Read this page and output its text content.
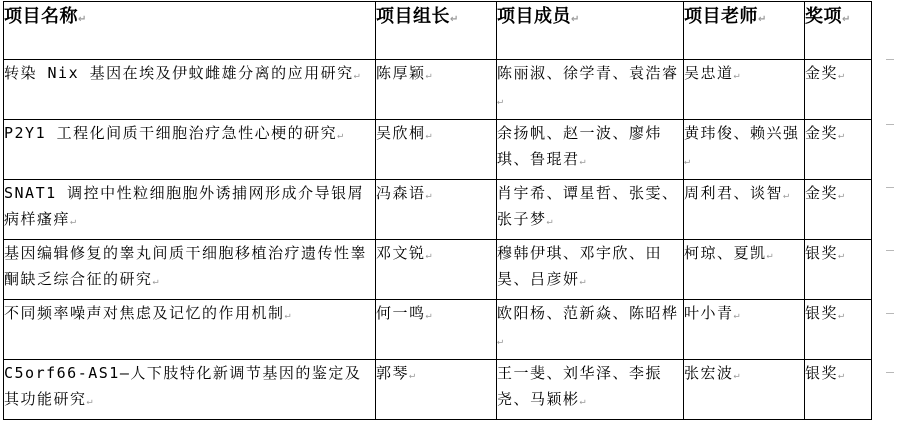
项目名称↵	项目组长↵	项目成员↵	项目老师↵	奖项↵
转染 Nix 基因在埃及伊蚊雌雄分离的应用研究↵	陈厚颖↵	陈丽淑、徐学青、袁浩睿↵	吴忠道↵	金奖↵
P2Y1 工程化间质干细胞治疗急性心梗的研究↵	吴欣桐↵	余扬帆、赵一波、廖炜琪、鲁琨君↵	黄玮俊、赖兴强↵	金奖↵
SNAT1 调控中性粒细胞胞外诱捕网形成介导银屑病样瘙痒↵	冯森语↵	肖宇希、谭星哲、张雯、张子梦↵	周利君、谈智↵	金奖↵
基因编辑修复的睾丸间质干细胞移植治疗遗传性睾酮缺乏综合征的研究↵	邓文锐↵	穆韩伊琪、邓宇欣、田昊、吕彦妍↵	柯琼、夏凯↵	银奖↵
不同频率噪声对焦虑及记忆的作用机制↵	何一鸣↵	欧阳杨、范新焱、陈昭桦↵	叶小青↵	银奖↵
C5orf66-AS1—人下肢特化新调节基因的鉴定及其功能研究↵	郭琴↵	王一斐、刘华泽、李振尧、马颖彬↵	张宏波↵	银奖↵
